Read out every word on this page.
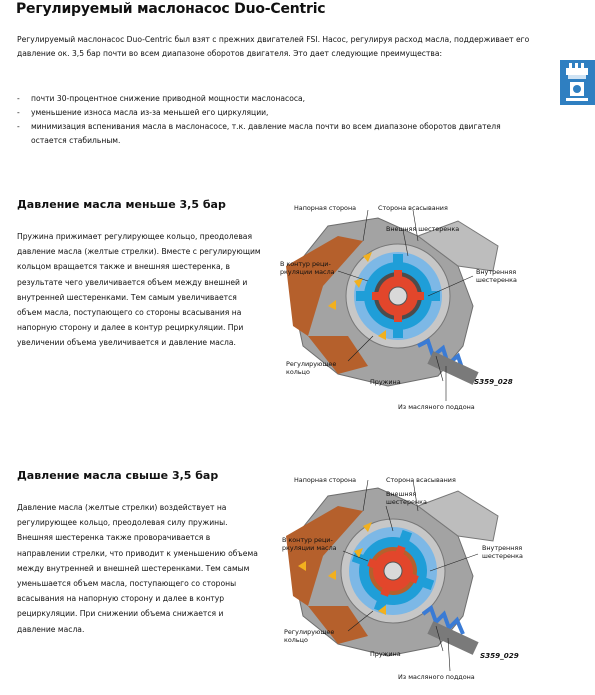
Регулируемый маслонасос Duo-Centric
Регулируемый маслонасос Duo-Centric был взят с прежних двигателей FSI. Насос, регулируя расход масла, поддерживает его давление ок. 3,5 бар почти во всем диапазоне оборотов двигателя. Это дает следующие преимущества:
- почти 30-процентное снижение приводной мощности маслонасоса,
- уменьшение износа масла из-за меньшей его циркуляции,
- минимизация вспенивания масла в маслонасосе, т.к. давление масла почти во всем диапазоне оборотов двигателя остается стабильным.
Давление масла меньше 3,5 бар
Пружина прижимает регулирующее кольцо, преодолевая давление масла (желтые стрелки). Вместе с регулирующим кольцом вращается также и внешняя шестеренка, в результате чего увеличивается объем между внешней и внутренней шестеренками. Тем самым увеличивается объем масла, поступающего со стороны всасывания на напорную сторону и далее в контур рециркуляции. При увеличении объема увеличивается и давление масла.
Напорная сторона	Сторона всасывания
Внешняя шестеренка
В контур реци-ркуляции масла	Внутренняя шестеренка
Регулирующее кольцо
Пружина	S359_028
Из масляного поддона
Давление масла свыше 3,5 бар
Давление масла (желтые стрелки) воздействует на регулирующее кольцо, преодолевая силу пружины. Внешняя шестеренка также проворачивается в направлении стрелки, что приводит к уменьшению объема между внутренней и внешней шестеренками. Тем самым уменьшается объем масла, поступающего со стороны всасывания на напорную сторону и далее в контур рециркуляции. При снижении объема снижается и давление масла.
Напорная сторона	Сторона всасывания
Внешняя шестеренка
В контур реци-ркуляции масла	Внутренняя шестеренка
Регулирующее кольцо
Пружина	S359_029
Из масляного поддона
